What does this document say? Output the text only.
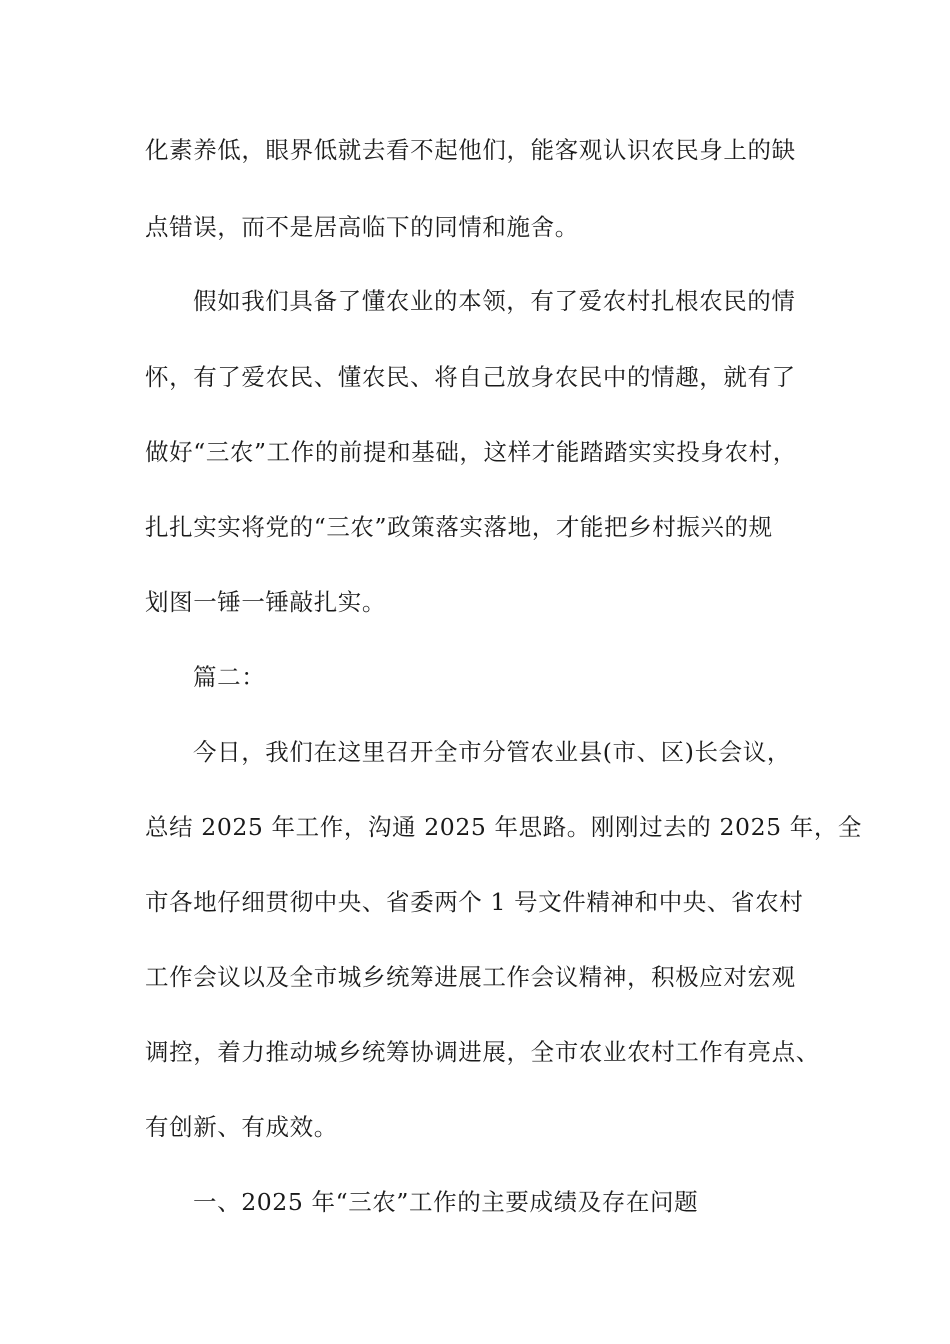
化素养低，眼界低就去看不起他们，能客观认识农民身上的缺
点错误，而不是居高临下的同情和施舍。
假如我们具备了懂农业的本领，有了爱农村扎根农民的情
怀，有了爱农民、懂农民、将自己放身农民中的情趣，就有了
做好“三农”工作的前提和基础，这样才能踏踏实实投身农村，
扎扎实实将党的“三农”政策落实落地，才能把乡村振兴的规
划图一锤一锤敲扎实。
篇二：
今日，我们在这里召开全市分管农业县(市、区)长会议，
总结 2025 年工作，沟通 2025 年思路。刚刚过去的 2025 年，全
市各地仔细贯彻中央、省委两个 1 号文件精神和中央、省农村
工作会议以及全市城乡统筹进展工作会议精神，积极应对宏观
调控，着力推动城乡统筹协调进展，全市农业农村工作有亮点、
有创新、有成效。
一、2025 年“三农”工作的主要成绩及存在问题
